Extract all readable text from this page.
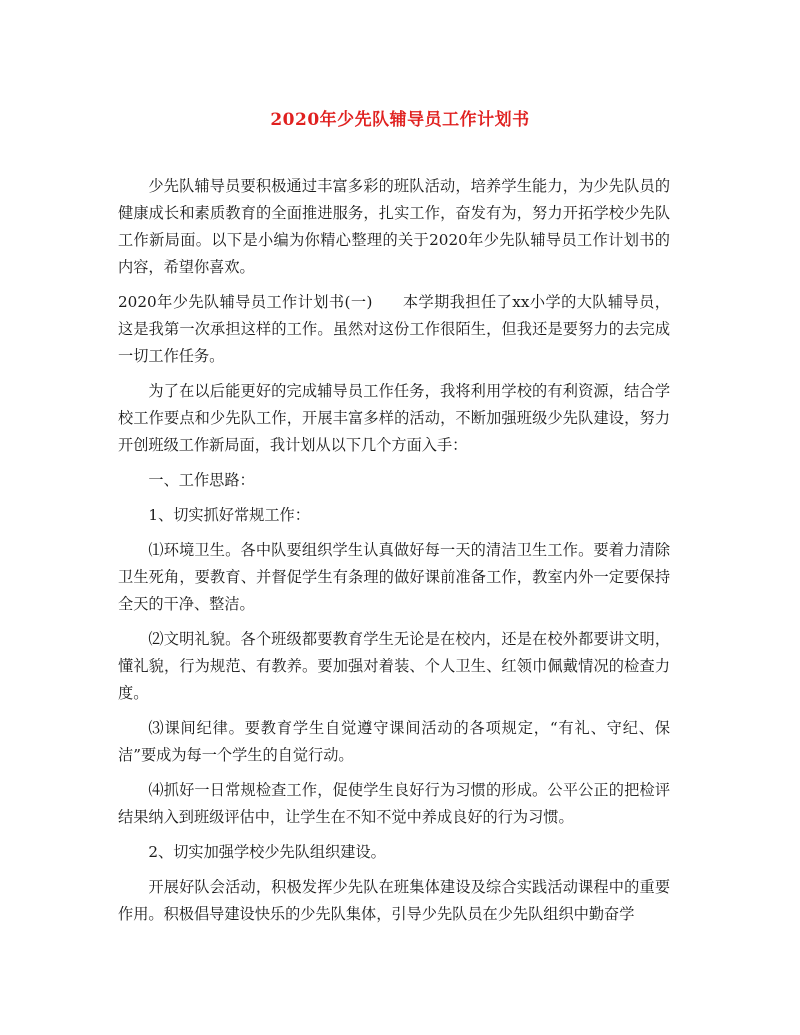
2020年少先队辅导员工作计划书

少先队辅导员要积极通过丰富多彩的班队活动，培养学生能力，为少先队员的健康成长和素质教育的全面推进服务，扎实工作，奋发有为，努力开拓学校少先队工作新局面。以下是小编为你精心整理的关于2020年少先队辅导员工作计划书的内容，希望你喜欢。

2020年少先队辅导员工作计划书(一) 本学期我担任了xx小学的大队辅导员，这是我第一次承担这样的工作。虽然对这份工作很陌生，但我还是要努力的去完成一切工作任务。

为了在以后能更好的完成辅导员工作任务，我将利用学校的有利资源，结合学校工作要点和少先队工作，开展丰富多样的活动，不断加强班级少先队建设，努力开创班级工作新局面，我计划从以下几个方面入手：

一、工作思路：

1、切实抓好常规工作：

⑴环境卫生。各中队要组织学生认真做好每一天的清洁卫生工作。要着力清除卫生死角，要教育、并督促学生有条理的做好课前准备工作，教室内外一定要保持全天的干净、整洁。

⑵文明礼貌。各个班级都要教育学生无论是在校内，还是在校外都要讲文明，懂礼貌，行为规范、有教养。要加强对着装、个人卫生、红领巾佩戴情况的检查力度。

⑶课间纪律。要教育学生自觉遵守课间活动的各项规定，“有礼、守纪、保洁”要成为每一个学生的自觉行动。

⑷抓好一日常规检查工作，促使学生良好行为习惯的形成。公平公正的把检评结果纳入到班级评估中，让学生在不知不觉中养成良好的行为习惯。

2、切实加强学校少先队组织建设。

开展好队会活动，积极发挥少先队在班集体建设及综合实践活动课程中的重要作用。积极倡导建设快乐的少先队集体，引导少先队员在少先队组织中勤奋学
